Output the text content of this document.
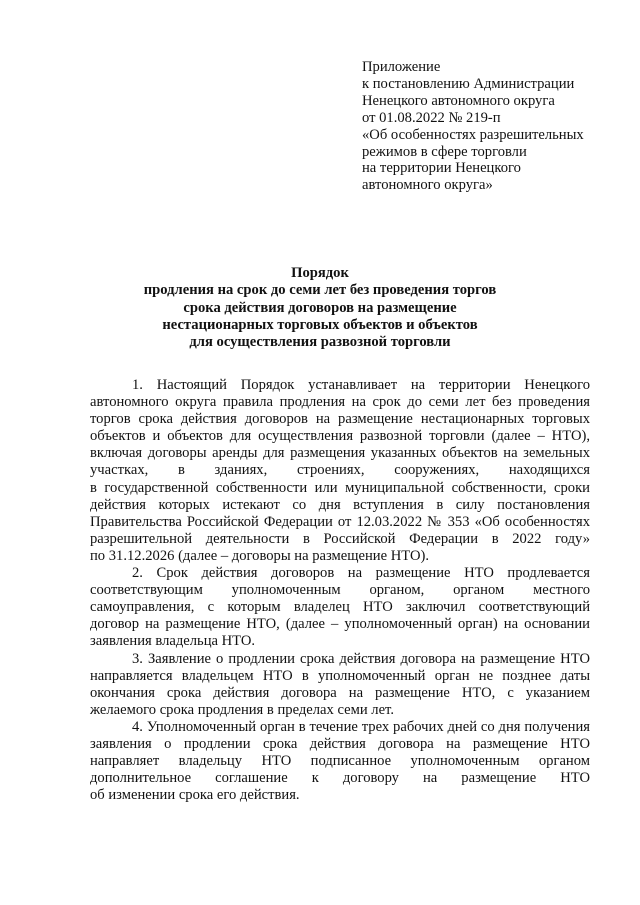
Приложение
к постановлению Администрации
Ненецкого автономного округа
от 01.08.2022 № 219-п
«Об особенностях разрешительных
режимов в сфере торговли
на территории Ненецкого
автономного округа»
Порядок
продления на срок до семи лет без проведения торгов
срока действия договоров на размещение
нестационарных торговых объектов и объектов
для осуществления развозной торговли
1. Настоящий Порядок устанавливает на территории Ненецкого
автономного округа правила продления на срок до семи лет без проведения
торгов срока действия договоров на размещение нестационарных торговых
объектов и объектов для осуществления развозной торговли (далее – НТО),
включая договоры аренды для размещения указанных объектов на земельных
участках, в зданиях, строениях, сооружениях, находящихся
в государственной собственности или муниципальной собственности, сроки
действия которых истекают со дня вступления в силу постановления
Правительства Российской Федерации от 12.03.2022 № 353 «Об особенностях
разрешительной деятельности в Российской Федерации в 2022 году»
по 31.12.2026 (далее – договоры на размещение НТО).
2. Срок действия договоров на размещение НТО продлевается
соответствующим уполномоченным органом, органом местного
самоуправления, с которым владелец НТО заключил соответствующий
договор на размещение НТО, (далее – уполномоченный орган) на основании
заявления владельца НТО.
3. Заявление о продлении срока действия договора на размещение НТО
направляется владельцем НТО в уполномоченный орган не позднее даты
окончания срока действия договора на размещение НТО, с указанием
желаемого срока продления в пределах семи лет.
4. Уполномоченный орган в течение трех рабочих дней со дня получения
заявления о продлении срока действия договора на размещение НТО
направляет владельцу НТО подписанное уполномоченным органом
дополнительное соглашение к договору на размещение НТО
об изменении срока его действия.
